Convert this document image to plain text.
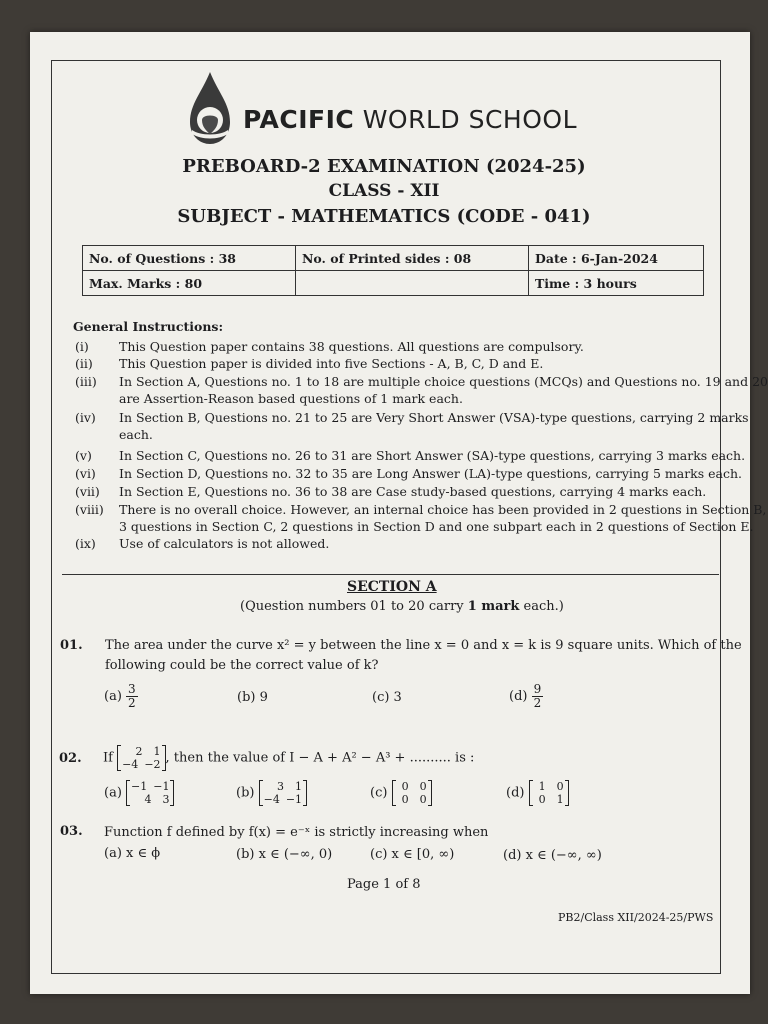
PACIFIC WORLD SCHOOL
PREBOARD-2 EXAMINATION (2024-25)
CLASS - XII
SUBJECT - MATHEMATICS (CODE - 041)
No. of Questions : 38	No. of Printed sides : 08	Date : 6-Jan-2024
Max. Marks : 80		Time : 3 hours
General Instructions:
(i) This Question paper contains 38 questions. All questions are compulsory.
(ii) This Question paper is divided into five Sections - A, B, C, D and E.
(iii) In Section A, Questions no. 1 to 18 are multiple choice questions (MCQs) and Questions no. 19 and 20
are Assertion-Reason based questions of 1 mark each.
(iv) In Section B, Questions no. 21 to 25 are Very Short Answer (VSA)-type questions, carrying 2 marks
each.
(v) In Section C, Questions no. 26 to 31 are Short Answer (SA)-type questions, carrying 3 marks each.
(vi) In Section D, Questions no. 32 to 35 are Long Answer (LA)-type questions, carrying 5 marks each.
(vii) In Section E, Questions no. 36 to 38 are Case study-based questions, carrying 4 marks each.
(viii) There is no overall choice. However, an internal choice has been provided in 2 questions in Section B,
3 questions in Section C, 2 questions in Section D and one subpart each in 2 questions of Section E.
(ix) Use of calculators is not allowed.
SECTION A
(Question numbers 01 to 20 carry 1 mark each.)
01. The area under the curve x² = y between the line x = 0 and x = k is 9 square units. Which of the
following could be the correct value of k?
$(a) \frac{3}{2}$	(b) 9	(c) 3	$(d) \frac{9}{2}$
02. If	2	1
−4 −2 , then the value of I − A + A² − A³ + .......... is :
(a) −1 −1
4	3	(b)	3	1
−4 −1	(c)	0	0
0	0	(d)	1	0
0	1
03. Function f defined by f(x) = e⁻ˣ is strictly increasing when
(a) x ∈ ϕ	(b) x ∈ (−∞, 0)	(c) x ∈ [0, ∞)	(d) x ∈ (−∞, ∞)
Page 1 of 8
PB2/Class XII/2024-25/PWS
